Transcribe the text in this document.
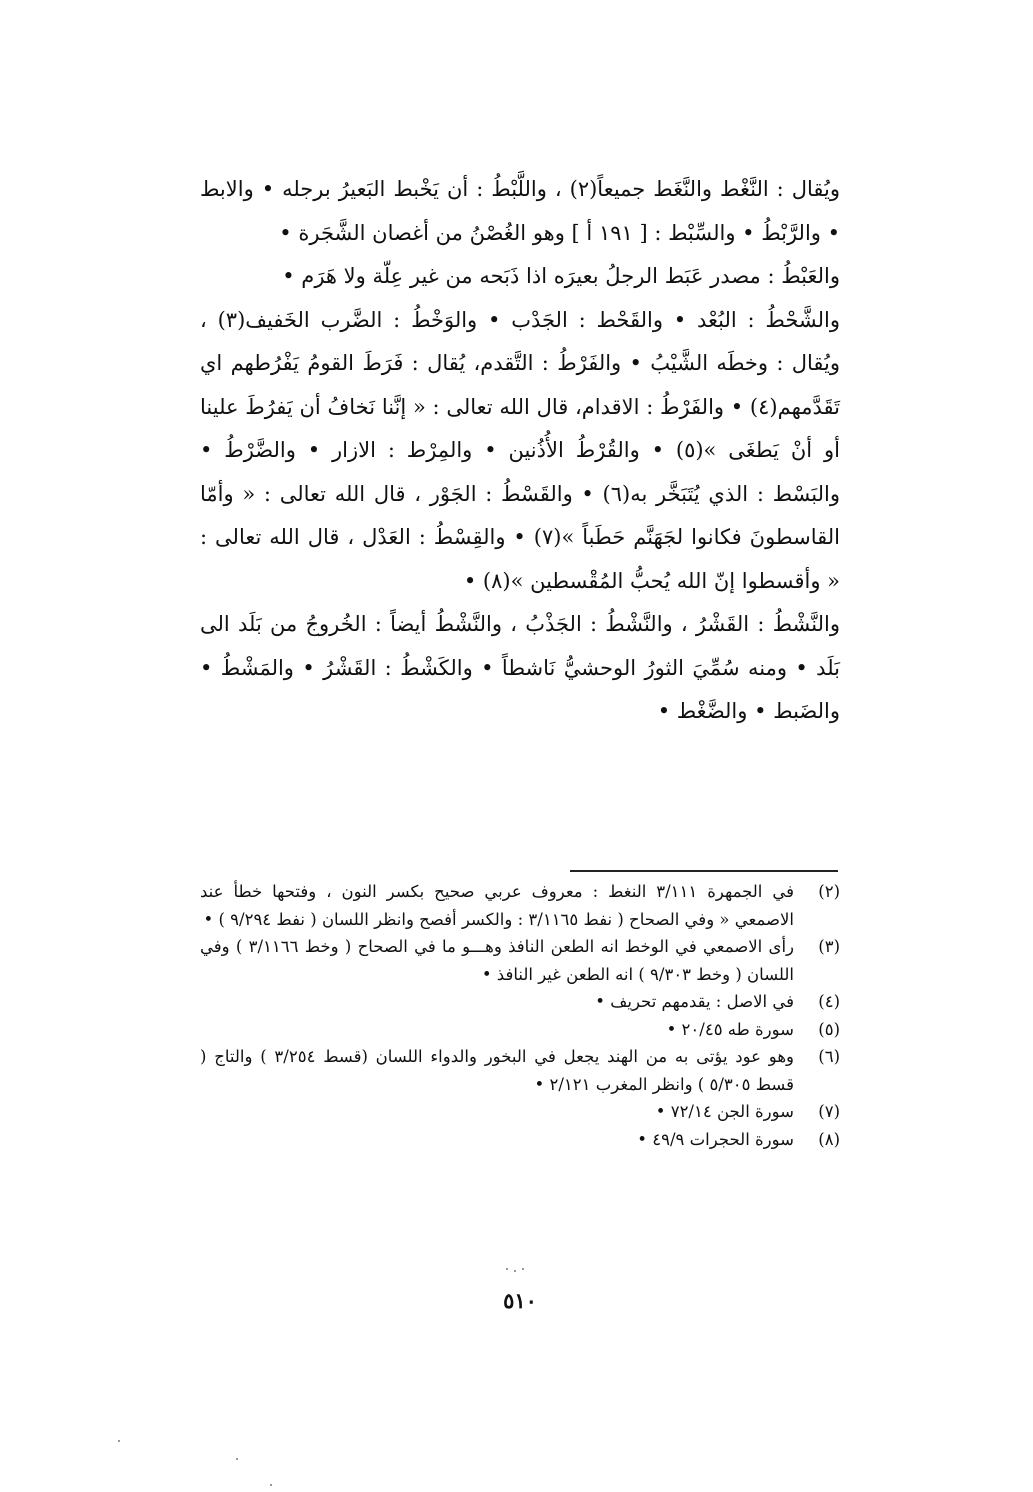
ويُقال : النَّغْط والنَّغَط جميعاً(٢) ، واللَّبْطُ : أن يَخْبط البَعيرُ برجله • والابط • والرَّبْطُ • والسِّبْط : [ ١٩١ أ ] وهو الغُصْنُ من أغصان الشَّجَرة •

والعَبْطُ : مصدر عَبَط الرجلُ بعيرَه اذا ذَبَحه من غير عِلّة ولا هَرَم •

والشَّحْطُ : البُعْد • والقَحْط : الجَدْب • والوَخْطُ : الضَّرب الخَفيف(٣) ، ويُقال : وخطَه الشَّيْبُ • والفَرْطُ : التَّقدم، يُقال : فَرَطَ القومُ يَفْرُطهم اي تَقَدَّمهم(٤) • والفَرْطُ : الاقدام، قال الله تعالى : « إنَّنا نَخافُ أن يَفرُطَ علينا أو أنْ يَطغَى »(٥) • والقُرْطُ الأُذُنين • والمِرْط : الازار • والضَّرْطُ • والبَسْط : الذي يُتَبَخَّر به(٦) • والقَسْطُ : الجَوْر ، قال الله تعالى : « وأمّا القاسطونَ فكانوا لجَهَنَّم حَطَباً »(٧) • والقِسْطُ : العَدْل ، قال الله تعالى : « وأقسطوا إنّ الله يُحبُّ المُقْسطين »(٨) •

والنَّشْطُ : القَشْرُ ، والنَّشْطُ : الجَذْبُ ، والنَّشْطُ أيضاً : الخُروجُ من بَلَد الى بَلَد • ومنه سُمِّيَ الثورُ الوحشيُّ نَاشطاً • والكَشْطُ : القَشْرُ • والمَشْطُ • والضَبط • والضَّغْط •

(٢)
في الجمهرة ٣/١١١ النغط : معروف عربي صحيح بكسر النون ، وفتحها خطأ عند الاصمعي « وفي الصحاح ( نفط ٣/١١٦٥ : والكسر أفصح وانظر اللسان ( نفط ٩/٢٩٤ ) •
(٣)
رأى الاصمعي في الوخط انه الطعن النافذ وهـــو ما في الصحاح ( وخط ٣/١١٦٦ ) وفي اللسان ( وخط ٩/٣٠٣ ) انه الطعن غير النافذ •
(٤)
في الاصل : يقدمهم تحريف •
(٥)
سورة طه ٢٠/٤٥ •
(٦)
وهو عود يؤتى به من الهند يجعل في البخور والدواء اللسان (قسط ٣/٢٥٤ ) والتاج ( قسط ٥/٣٠٥ ) وانظر المغرب ٢/١٢١ •
(٧)
سورة الجن ٧٢/١٤ •
(٨)
سورة الحجرات ٤٩/٩ •
٥١٠
